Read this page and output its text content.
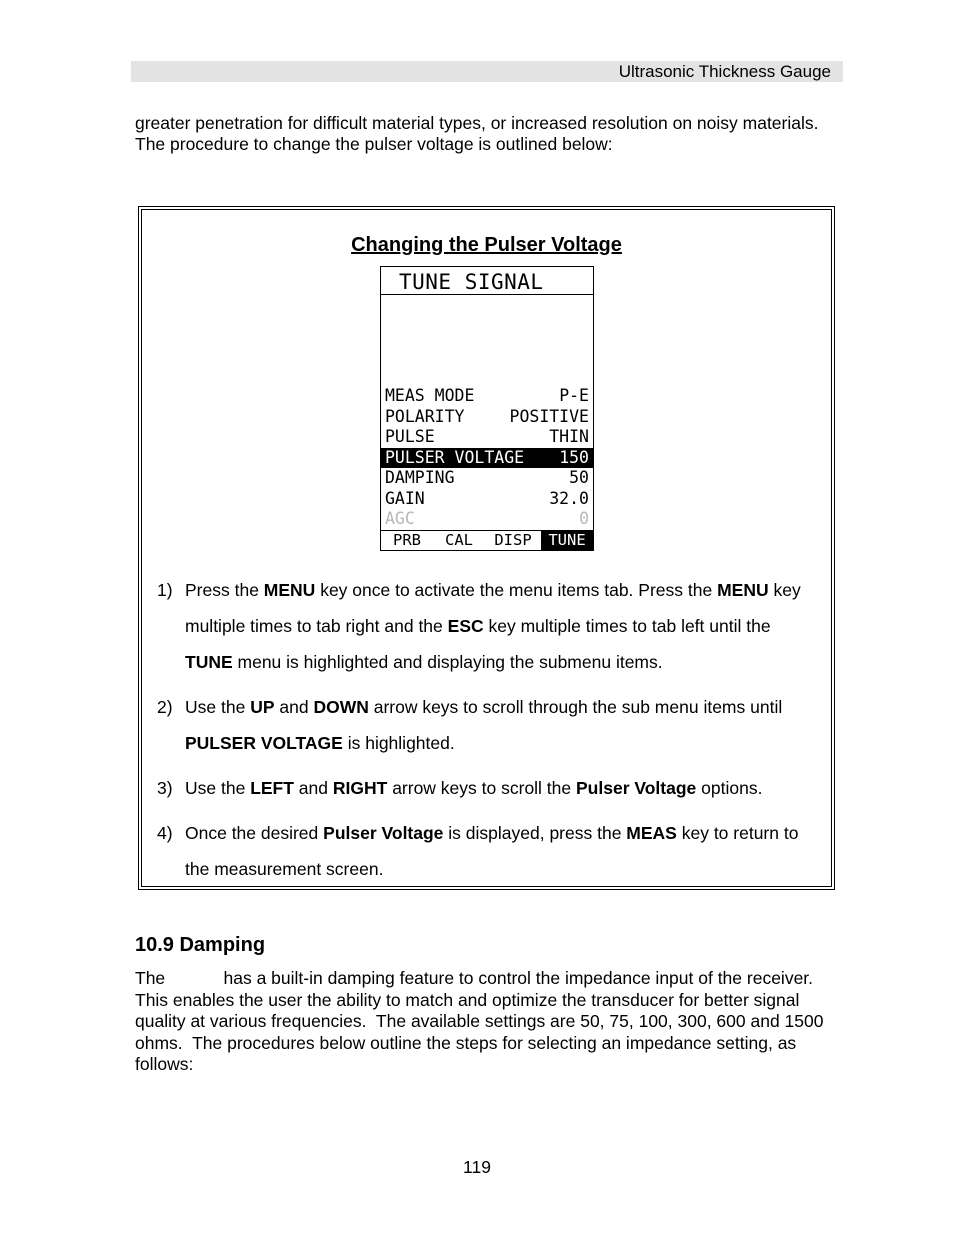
Ultrasonic Thickness Gauge

greater penetration for difficult material types, or increased resolution on noisy materials. The procedure to change the pulser voltage is outlined below:

Changing the Pulser Voltage
TUNE SIGNAL
MEAS MODE	P-E
POLARITY	POSITIVE
PULSE	THIN
PULSER VOLTAGE 150
DAMPING	50
GAIN	32.0
AGC	0
PRB	CAL	DISP	TUNE
1) Press the MENU key once to activate the menu items tab. Press the MENU key multiple times to tab right and the ESC key multiple times to tab left until the TUNE menu is highlighted and displaying the submenu items.
2) Use the UP and DOWN arrow keys to scroll through the sub menu items until PULSER VOLTAGE is highlighted.
3) Use the LEFT and RIGHT arrow keys to scroll the Pulser Voltage options.
4) Once the desired Pulser Voltage is displayed, press the MEAS key to return to the measurement screen.
10.9 Damping

The            has a built-in damping feature to control the impedance input of the receiver.  This enables the user the ability to match and optimize the transducer for better signal quality at various frequencies.  The available settings are 50, 75, 100, 300, 600 and 1500 ohms.  The procedures below outline the steps for selecting an impedance setting, as follows:

119
